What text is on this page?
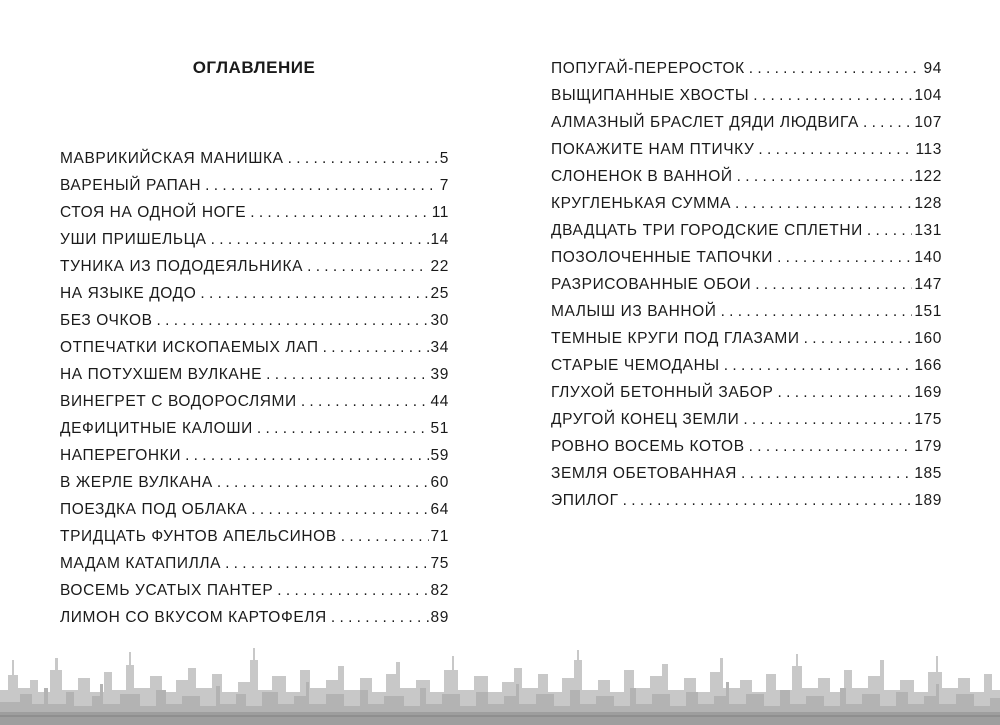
ОГЛАВЛЕНИЕ
МАВРИКИЙСКАЯ МАНИШКА . . .	5
ВАРЕНЫЙ РАПАН . . .	7
СТОЯ НА ОДНОЙ НОГЕ . . .	11
УШИ ПРИШЕЛЬЦА . . .	14
ТУНИКА ИЗ ПОДОДЕЯЛЬНИКА . . .	22
НА ЯЗЫКЕ ДОДО . . .	25
БЕЗ ОЧКОВ . . .	30
ОТПЕЧАТКИ ИСКОПАЕМЫХ ЛАП . . .	34
НА ПОТУХШЕМ ВУЛКАНЕ . . .	39
ВИНЕГРЕТ С ВОДОРОСЛЯМИ . . .	44
ДЕФИЦИТНЫЕ КАЛОШИ . . .	51
НАПЕРЕГОНКИ . . .	59
В ЖЕРЛЕ ВУЛКАНА . . .	60
ПОЕЗДКА ПОД ОБЛАКА . . .	64
ТРИДЦАТЬ ФУНТОВ АПЕЛЬСИНОВ . . .	71
МАДАМ КАТАПИЛЛА . . .	75
ВОСЕМЬ УСАТЫХ ПАНТЕР . . .	82
ЛИМОН СО ВКУСОМ КАРТОФЕЛЯ . . .	89
ПОПУГАЙ-ПЕРЕРОСТОК . . .	94
ВЫЩИПАННЫЕ ХВОСТЫ . . .	104
АЛМАЗНЫЙ БРАСЛЕТ ДЯДИ ЛЮДВИГА . . .	107
ПОКАЖИТЕ НАМ ПТИЧКУ . . .	113
СЛОНЕНОК В ВАННОЙ . . .	122
КРУГЛЕНЬКАЯ СУММА . . .	128
ДВАДЦАТЬ ТРИ ГОРОДСКИЕ СПЛЕТНИ . . .	131
ПОЗОЛОЧЕННЫЕ ТАПОЧКИ . . .	140
РАЗРИСОВАННЫЕ ОБОИ . . .	147
МАЛЫШ ИЗ ВАННОЙ . . .	151
ТЕМНЫЕ КРУГИ ПОД ГЛАЗАМИ . . .	160
СТАРЫЕ ЧЕМОДАНЫ . . .	166
ГЛУХОЙ БЕТОННЫЙ ЗАБОР . . .	169
ДРУГОЙ КОНЕЦ ЗЕМЛИ . . .	175
РОВНО ВОСЕМЬ КОТОВ . . .	179
ЗЕМЛЯ ОБЕТОВАННАЯ . . .	185
ЭПИЛОГ . . .	189
